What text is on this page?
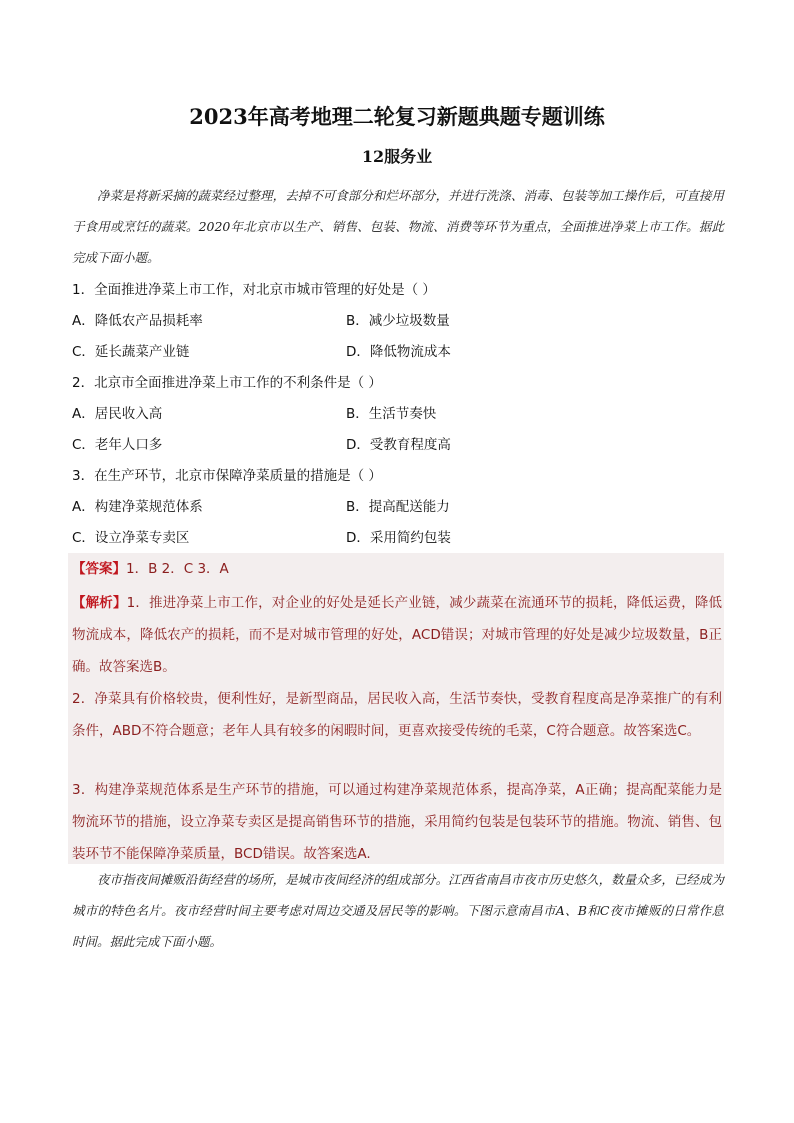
2023年高考地理二轮复习新题典题专题训练
12服务业
净菜是将新采摘的蔬菜经过整理，去掉不可食部分和烂坏部分，并进行洗涤、消毒、包装等加工操作后，可直接用于食用或烹饪的蔬菜。2020年北京市以生产、销售、包装、物流、消费等环节为重点，全面推进净菜上市工作。据此完成下面小题。
1．全面推进净菜上市工作，对北京市城市管理的好处是（ ）
A．降低农产品损耗率	B．减少垃圾数量
C．延长蔬菜产业链	D．降低物流成本
2．北京市全面推进净菜上市工作的不利条件是（ ）
A．居民收入高	B．生活节奏快
C．老年人口多	D．受教育程度高
3．在生产环节，北京市保障净菜质量的措施是（ ）
A．构建净菜规范体系	B．提高配送能力
C．设立净菜专卖区	D．采用简约包装
【答案】1．B 2．C 3．A
【解析】1．推进净菜上市工作，对企业的好处是延长产业链，减少蔬菜在流通环节的损耗，降低运费，降低物流成本，降低农产的损耗，而不是对城市管理的好处，ACD错误；对城市管理的好处是减少垃圾数量，B正确。故答案选B。
2．净菜具有价格较贵，便利性好，是新型商品，居民收入高，生活节奏快，受教育程度高是净菜推广的有利条件，ABD不符合题意；老年人具有较多的闲暇时间，更喜欢接受传统的毛菜，C符合题意。故答案选C。
3．构建净菜规范体系是生产环节的措施，可以通过构建净菜规范体系，提高净菜，A正确；提高配菜能力是物流环节的措施，设立净菜专卖区是提高销售环节的措施，采用简约包装是包装环节的措施。物流、销售、包装环节不能保障净菜质量，BCD错误。故答案选A.
夜市指夜间摊贩沿街经营的场所，是城市夜间经济的组成部分。江西省南昌市夜市历史悠久，数量众多，已经成为城市的特色名片。夜市经营时间主要考虑对周边交通及居民等的影响。下图示意南昌市A、B和C夜市摊贩的日常作息时间。据此完成下面小题。
